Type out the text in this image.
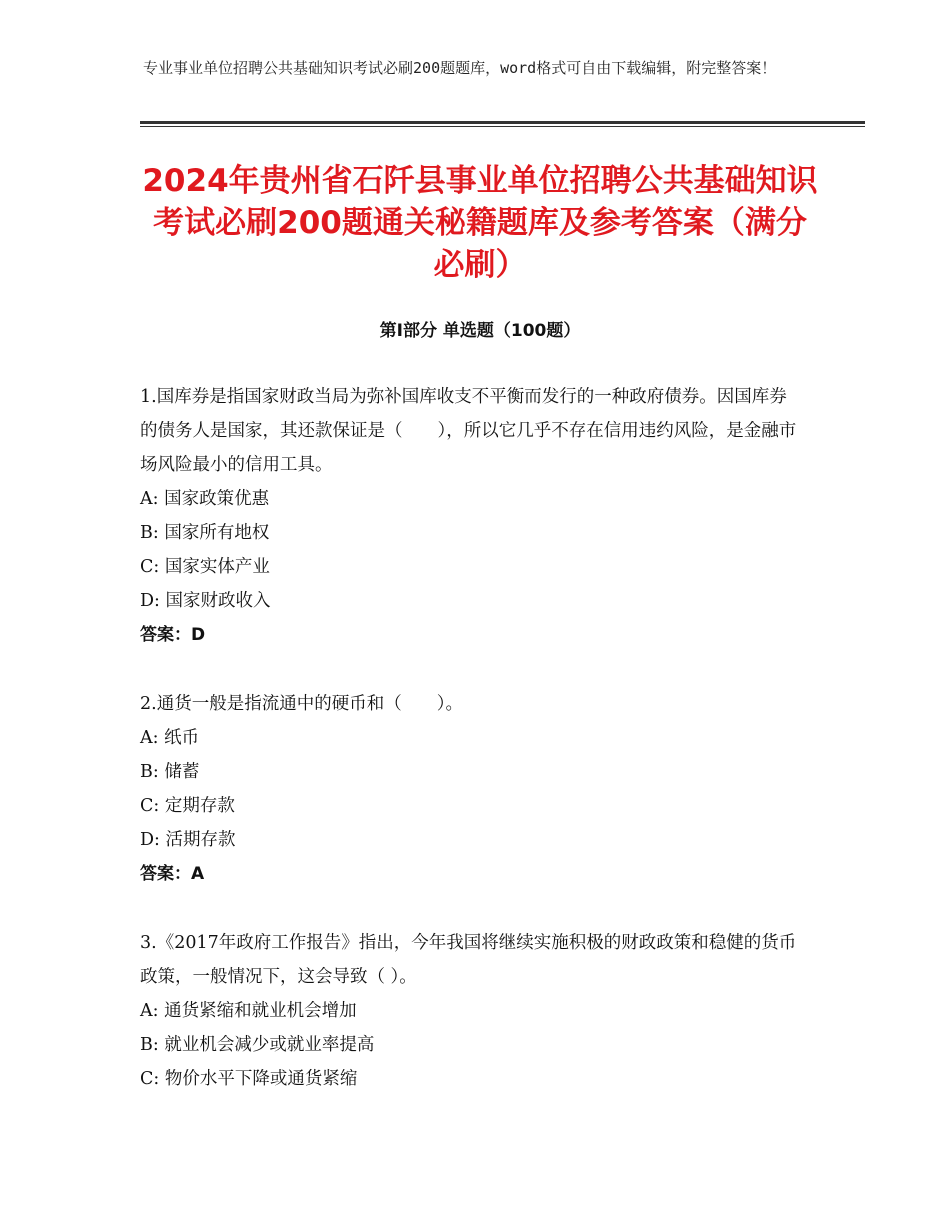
专业事业单位招聘公共基础知识考试必刷200题题库，word格式可自由下载编辑，附完整答案！
2024年贵州省石阡县事业单位招聘公共基础知识考试必刷200题通关秘籍题库及参考答案（满分必刷）
第Ⅰ部分 单选题（100题）
1.国库券是指国家财政当局为弥补国库收支不平衡而发行的一种政府债券。因国库券的债务人是国家，其还款保证是（　　），所以它几乎不存在信用违约风险，是金融市场风险最小的信用工具。
A: 国家政策优惠
B: 国家所有地权
C: 国家实体产业
D: 国家财政收入
答案：D
2.通货一般是指流通中的硬币和（　　）。
A: 纸币
B: 储蓄
C: 定期存款
D: 活期存款
答案：A
3.《2017年政府工作报告》指出，今年我国将继续实施积极的财政政策和稳健的货币政策，一般情况下，这会导致（ ）。
A: 通货紧缩和就业机会增加
B: 就业机会减少或就业率提高
C: 物价水平下降或通货紧缩
